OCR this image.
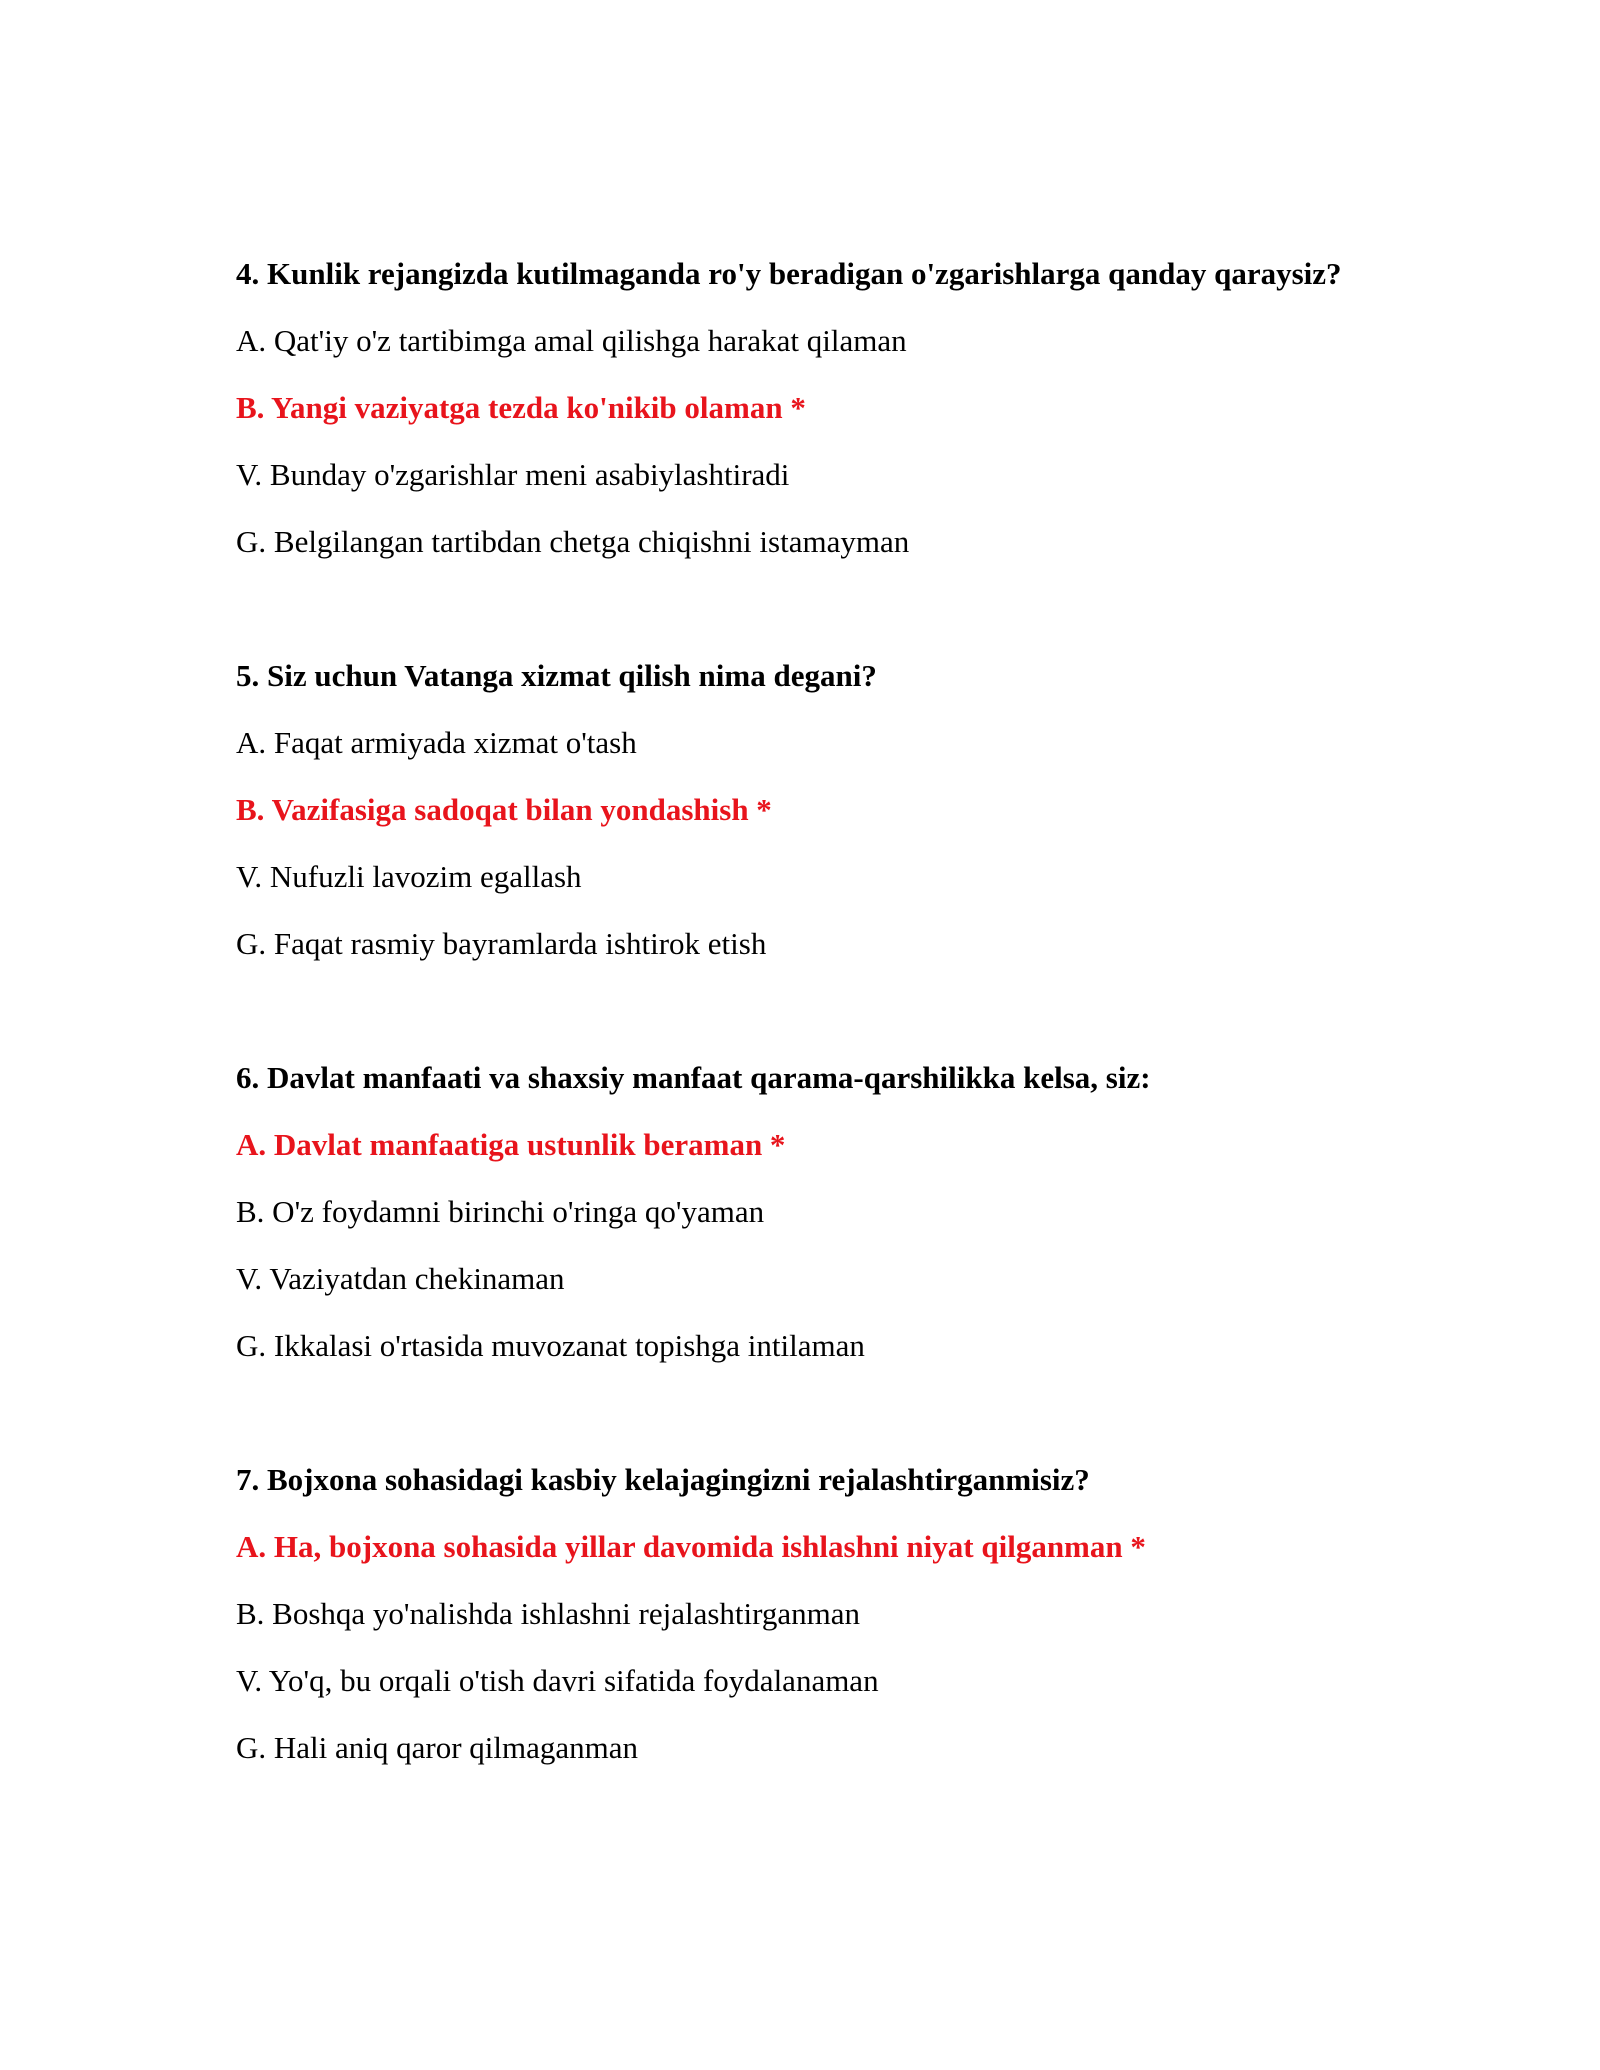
4. Kunlik rejangizda kutilmaganda ro'y beradigan o'zgarishlarga qanday qaraysiz?

A. Qat'iy o'z tartibimga amal qilishga harakat qilaman

B. Yangi vaziyatga tezda ko'nikib olaman *

V. Bunday o'zgarishlar meni asabiylashtiradi

G. Belgilangan tartibdan chetga chiqishni istamayman

5. Siz uchun Vatanga xizmat qilish nima degani?

A. Faqat armiyada xizmat o'tash

B. Vazifasiga sadoqat bilan yondashish *

V. Nufuzli lavozim egallash

G. Faqat rasmiy bayramlarda ishtirok etish

6. Davlat manfaati va shaxsiy manfaat qarama-qarshilikka kelsa, siz:

A. Davlat manfaatiga ustunlik beraman *

B. O'z foydamni birinchi o'ringa qo'yaman

V. Vaziyatdan chekinaman

G. Ikkalasi o'rtasida muvozanat topishga intilaman

7. Bojxona sohasidagi kasbiy kelajagingizni rejalashtirganmisiz?

A. Ha, bojxona sohasida yillar davomida ishlashni niyat qilganman *

B. Boshqa yo'nalishda ishlashni rejalashtirganman

V. Yo'q, bu orqali o'tish davri sifatida foydalanaman

G. Hali aniq qaror qilmaganman
